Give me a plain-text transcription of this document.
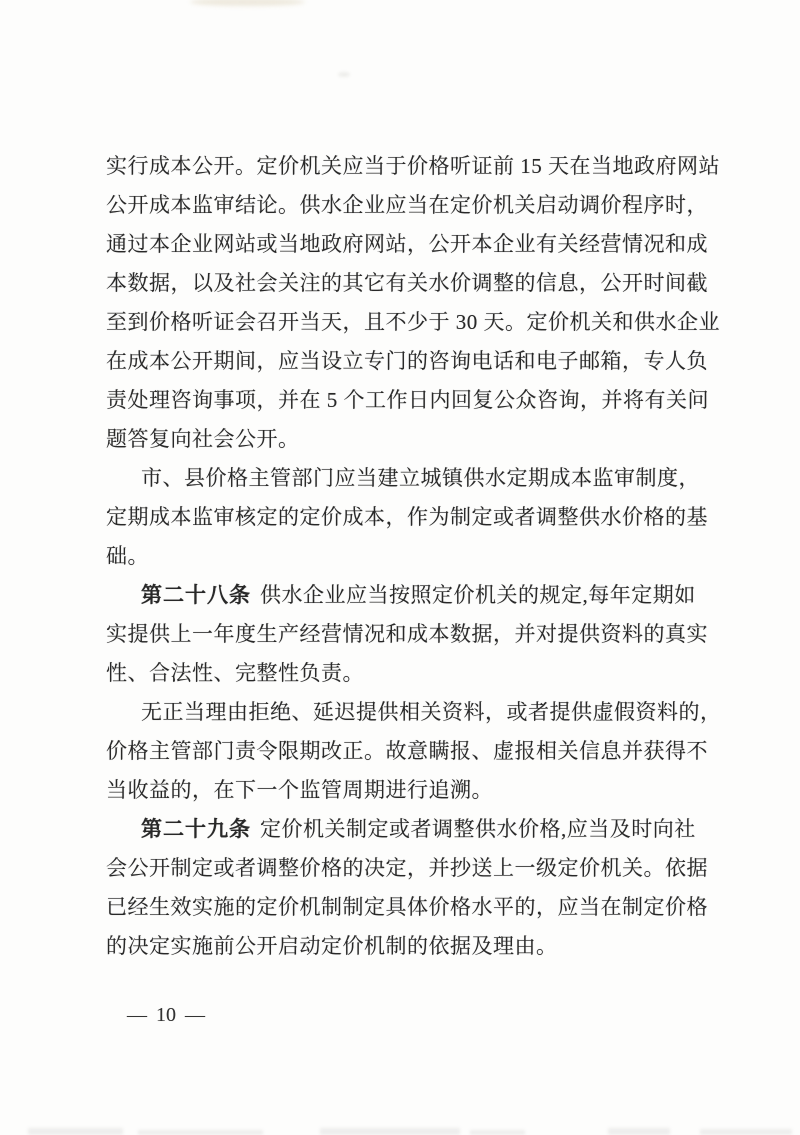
实行成本公开。定价机关应当于价格听证前 15 天在当地政府网站
公开成本监审结论。供水企业应当在定价机关启动调价程序时，
通过本企业网站或当地政府网站，公开本企业有关经营情况和成
本数据，以及社会关注的其它有关水价调整的信息，公开时间截
至到价格听证会召开当天，且不少于 30 天。定价机关和供水企业
在成本公开期间，应当设立专门的咨询电话和电子邮箱，专人负
责处理咨询事项，并在 5 个工作日内回复公众咨询，并将有关问
题答复向社会公开。
市、县价格主管部门应当建立城镇供水定期成本监审制度，
定期成本监审核定的定价成本，作为制定或者调整供水价格的基
础。
第二十八条 供水企业应当按照定价机关的规定,每年定期如
实提供上一年度生产经营情况和成本数据，并对提供资料的真实
性、合法性、完整性负责。
无正当理由拒绝、延迟提供相关资料，或者提供虚假资料的，
价格主管部门责令限期改正。故意瞒报、虚报相关信息并获得不
当收益的，在下一个监管周期进行追溯。
第二十九条 定价机关制定或者调整供水价格,应当及时向社
会公开制定或者调整价格的决定，并抄送上一级定价机关。依据
已经生效实施的定价机制制定具体价格水平的，应当在制定价格
的决定实施前公开启动定价机制的依据及理由。
— 10 —
